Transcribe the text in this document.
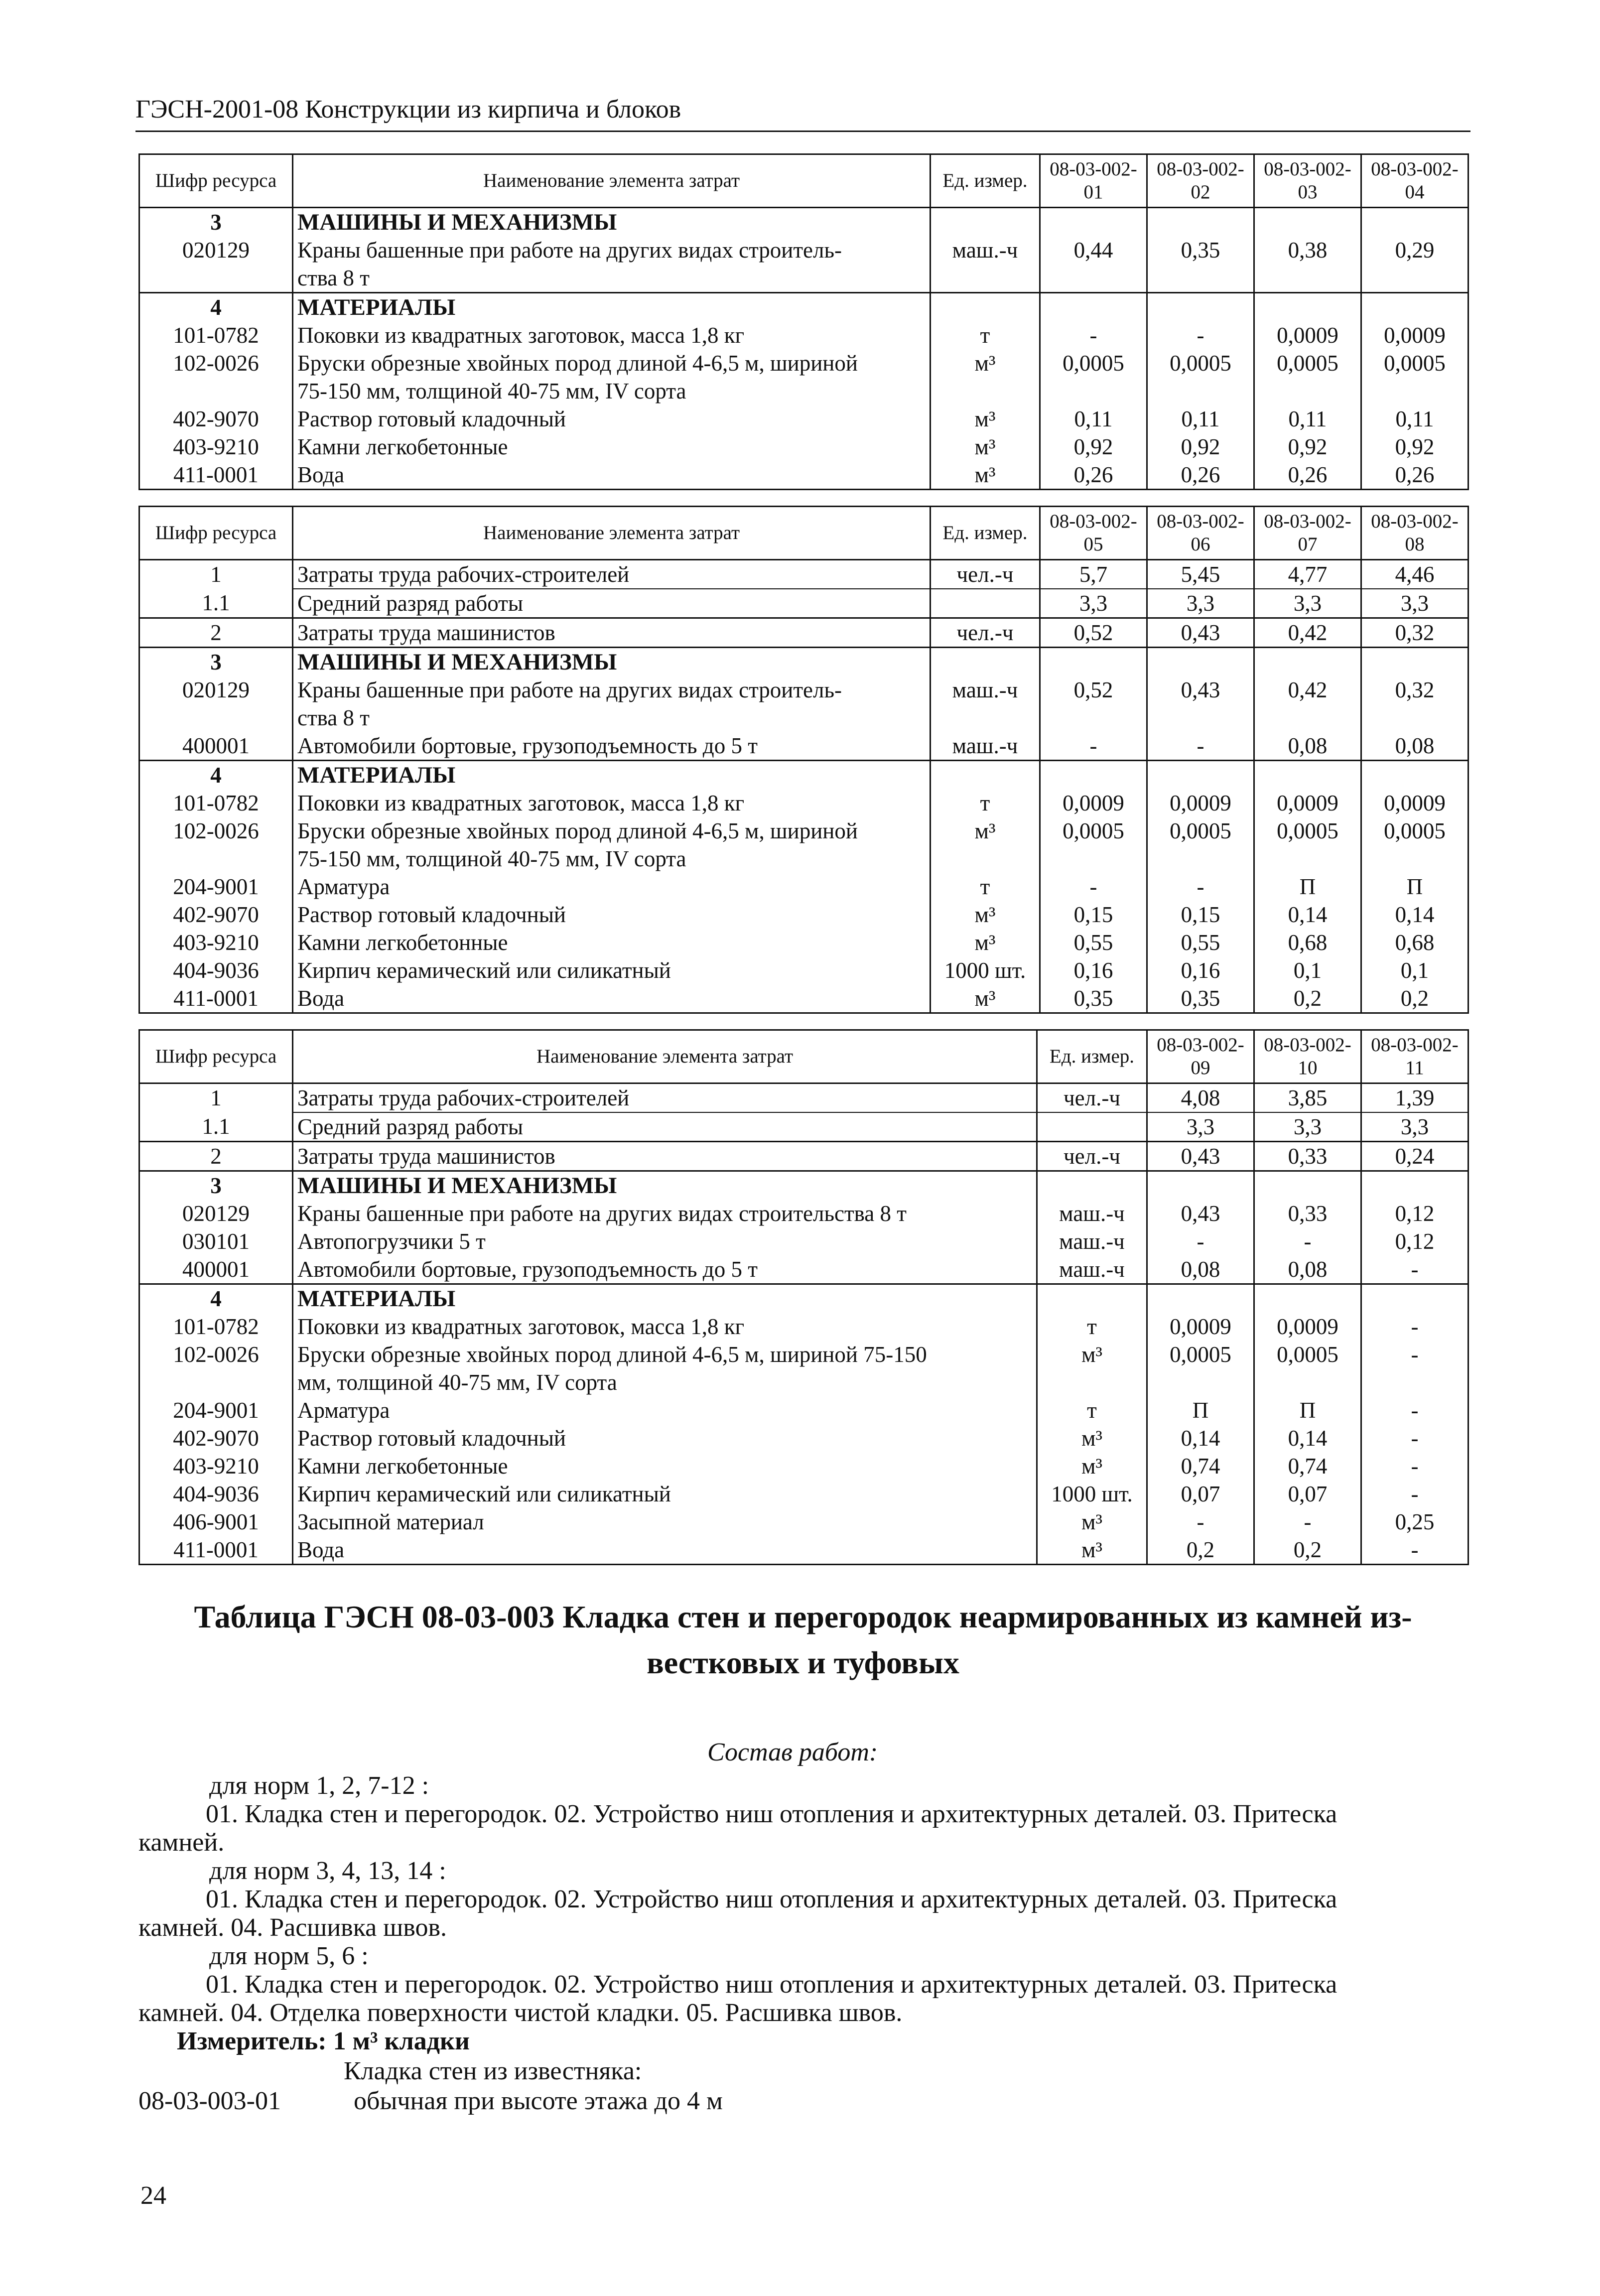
ГЭСН-2001-08 Конструкции из кирпича и блоков
Шифр ресурса	Наименование элемента затрат	Ед. измер.	08-03-002-01	08-03-002-02	08-03-002-03	08-03-002-04
3	МАШИНЫ И МЕХАНИЗМЫ					
020129	Краны башенные при работе на других видах строитель-	маш.-ч	0,44	0,35	0,38	0,29
	ства 8 т					
4	МАТЕРИАЛЫ					
101-0782	Поковки из квадратных заготовок, масса 1,8 кг	т	-	-	0,0009	0,0009
102-0026	Бруски обрезные хвойных пород длиной 4-6,5 м, шириной	м³	0,0005	0,0005	0,0005	0,0005
	75-150 мм, толщиной 40-75 мм, IV сорта					
402-9070	Раствор готовый кладочный	м³	0,11	0,11	0,11	0,11
403-9210	Камни легкобетонные	м³	0,92	0,92	0,92	0,92
411-0001	Вода	м³	0,26	0,26	0,26	0,26
Шифр ресурса	Наименование элемента затрат	Ед. измер.	08-03-002-05	08-03-002-06	08-03-002-07	08-03-002-08
1	Затраты труда рабочих-строителей	чел.-ч	5,7	5,45	4,77	4,46
1.1	Средний разряд работы		3,3	3,3	3,3	3,3
2	Затраты труда машинистов	чел.-ч	0,52	0,43	0,42	0,32
3	МАШИНЫ И МЕХАНИЗМЫ					
020129	Краны башенные при работе на других видах строитель-	маш.-ч	0,52	0,43	0,42	0,32
	ства 8 т					
400001	Автомобили бортовые, грузоподъемность до 5 т	маш.-ч	-	-	0,08	0,08
4	МАТЕРИАЛЫ					
101-0782	Поковки из квадратных заготовок, масса 1,8 кг	т	0,0009	0,0009	0,0009	0,0009
102-0026	Бруски обрезные хвойных пород длиной 4-6,5 м, шириной	м³	0,0005	0,0005	0,0005	0,0005
	75-150 мм, толщиной 40-75 мм, IV сорта					
204-9001	Арматура	т	-	-	П	П
402-9070	Раствор готовый кладочный	м³	0,15	0,15	0,14	0,14
403-9210	Камни легкобетонные	м³	0,55	0,55	0,68	0,68
404-9036	Кирпич керамический или силикатный	1000 шт.	0,16	0,16	0,1	0,1
411-0001	Вода	м³	0,35	0,35	0,2	0,2
Шифр ресурса	Наименование элемента затрат	Ед. измер.	08-03-002-09	08-03-002-10	08-03-002-11
1	Затраты труда рабочих-строителей	чел.-ч	4,08	3,85	1,39
1.1	Средний разряд работы		3,3	3,3	3,3
2	Затраты труда машинистов	чел.-ч	0,43	0,33	0,24
3	МАШИНЫ И МЕХАНИЗМЫ				
020129	Краны башенные при работе на других видах строительства 8 т	маш.-ч	0,43	0,33	0,12
030101	Автопогрузчики 5 т	маш.-ч	-	-	0,12
400001	Автомобили бортовые, грузоподъемность до 5 т	маш.-ч	0,08	0,08	-
4	МАТЕРИАЛЫ				
101-0782	Поковки из квадратных заготовок, масса 1,8 кг	т	0,0009	0,0009	-
102-0026	Бруски обрезные хвойных пород длиной 4-6,5 м, шириной 75-150	м³	0,0005	0,0005	-
	мм, толщиной 40-75 мм, IV сорта				
204-9001	Арматура	т	П	П	-
402-9070	Раствор готовый кладочный	м³	0,14	0,14	-
403-9210	Камни легкобетонные	м³	0,74	0,74	-
404-9036	Кирпич керамический или силикатный	1000 шт.	0,07	0,07	-
406-9001	Засыпной материал	м³	-	-	0,25
411-0001	Вода	м³	0,2	0,2	-
Таблица ГЭСН 08-03-003 Кладка стен и перегородок неармированных из камней из-
вестковых и туфовых
Состав работ:
для норм 1, 2, 7-12 :
01. Кладка стен и перегородок. 02. Устройство ниш отопления и архитектурных деталей. 03. Притеска
камней.
для норм 3, 4, 13, 14 :
01. Кладка стен и перегородок. 02. Устройство ниш отопления и архитектурных деталей. 03. Притеска
камней. 04. Расшивка швов.
для норм 5, 6 :
01. Кладка стен и перегородок. 02. Устройство ниш отопления и архитектурных деталей. 03. Притеска
камней. 04. Отделка поверхности чистой кладки. 05. Расшивка швов.
Измеритель: 1 м³ кладки
Кладка стен из известняка:
08-03-003-01	обычная при высоте этажа до 4 м
24
